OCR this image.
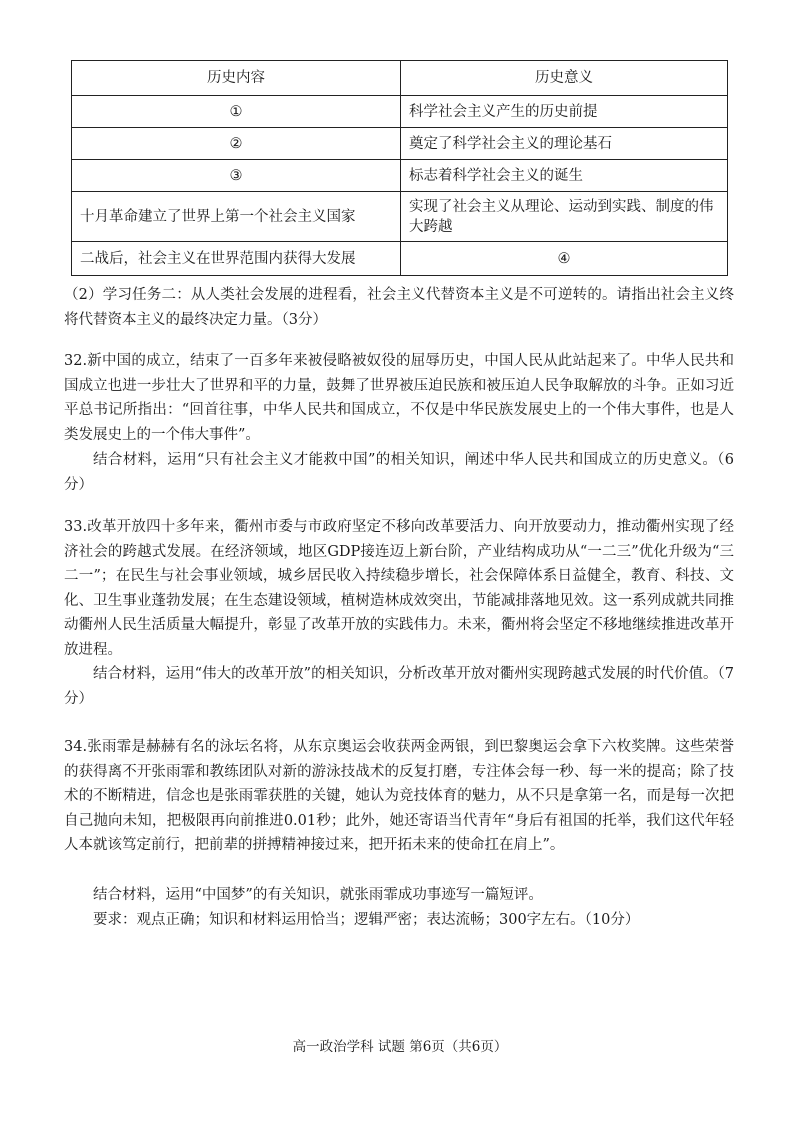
历史内容	历史意义
①	科学社会主义产生的历史前提
②	奠定了科学社会主义的理论基石
③	标志着科学社会主义的诞生
十月革命建立了世界上第一个社会主义国家	实现了社会主义从理论、运动到实践、制度的伟大跨越
二战后，社会主义在世界范围内获得大发展	④

（2）学习任务二：从人类社会发展的进程看，社会主义代替资本主义是不可逆转的。请指出社会主义终将代替资本主义的最终决定力量。（3分）

32.新中国的成立，结束了一百多年来被侵略被奴役的屈辱历史，中国人民从此站起来了。中华人民共和国成立也进一步壮大了世界和平的力量，鼓舞了世界被压迫民族和被压迫人民争取解放的斗争。正如习近平总书记所指出：“回首往事，中华人民共和国成立，不仅是中华民族发展史上的一个伟大事件，也是人类发展史上的一个伟大事件”。

结合材料，运用“只有社会主义才能救中国”的相关知识，阐述中华人民共和国成立的历史意义。（6分）

33.改革开放四十多年来，衢州市委与市政府坚定不移向改革要活力、向开放要动力，推动衢州实现了经济社会的跨越式发展。在经济领域，地区GDP接连迈上新台阶，产业结构成功从“一二三”优化升级为“三二一”；在民生与社会事业领域，城乡居民收入持续稳步增长，社会保障体系日益健全，教育、科技、文化、卫生事业蓬勃发展；在生态建设领域，植树造林成效突出，节能减排落地见效。这一系列成就共同推动衢州人民生活质量大幅提升，彰显了改革开放的实践伟力。未来，衢州将会坚定不移地继续推进改革开放进程。

结合材料，运用“伟大的改革开放”的相关知识，分析改革开放对衢州实现跨越式发展的时代价值。（7分）

34.张雨霏是赫赫有名的泳坛名将，从东京奥运会收获两金两银，到巴黎奥运会拿下六枚奖牌。这些荣誉的获得离不开张雨霏和教练团队对新的游泳技战术的反复打磨，专注体会每一秒、每一米的提高；除了技术的不断精进，信念也是张雨霏获胜的关键，她认为竞技体育的魅力，从不只是拿第一名，而是每一次把自己抛向未知，把极限再向前推进0.01秒；此外，她还寄语当代青年“身后有祖国的托举，我们这代年轻人本就该笃定前行，把前辈的拼搏精神接过来，把开拓未来的使命扛在肩上”。

结合材料，运用“中国梦”的有关知识，就张雨霏成功事迹写一篇短评。

要求：观点正确；知识和材料运用恰当；逻辑严密；表达流畅；300字左右。（10分）

高一政治学科 试题 第6页（共6页）
